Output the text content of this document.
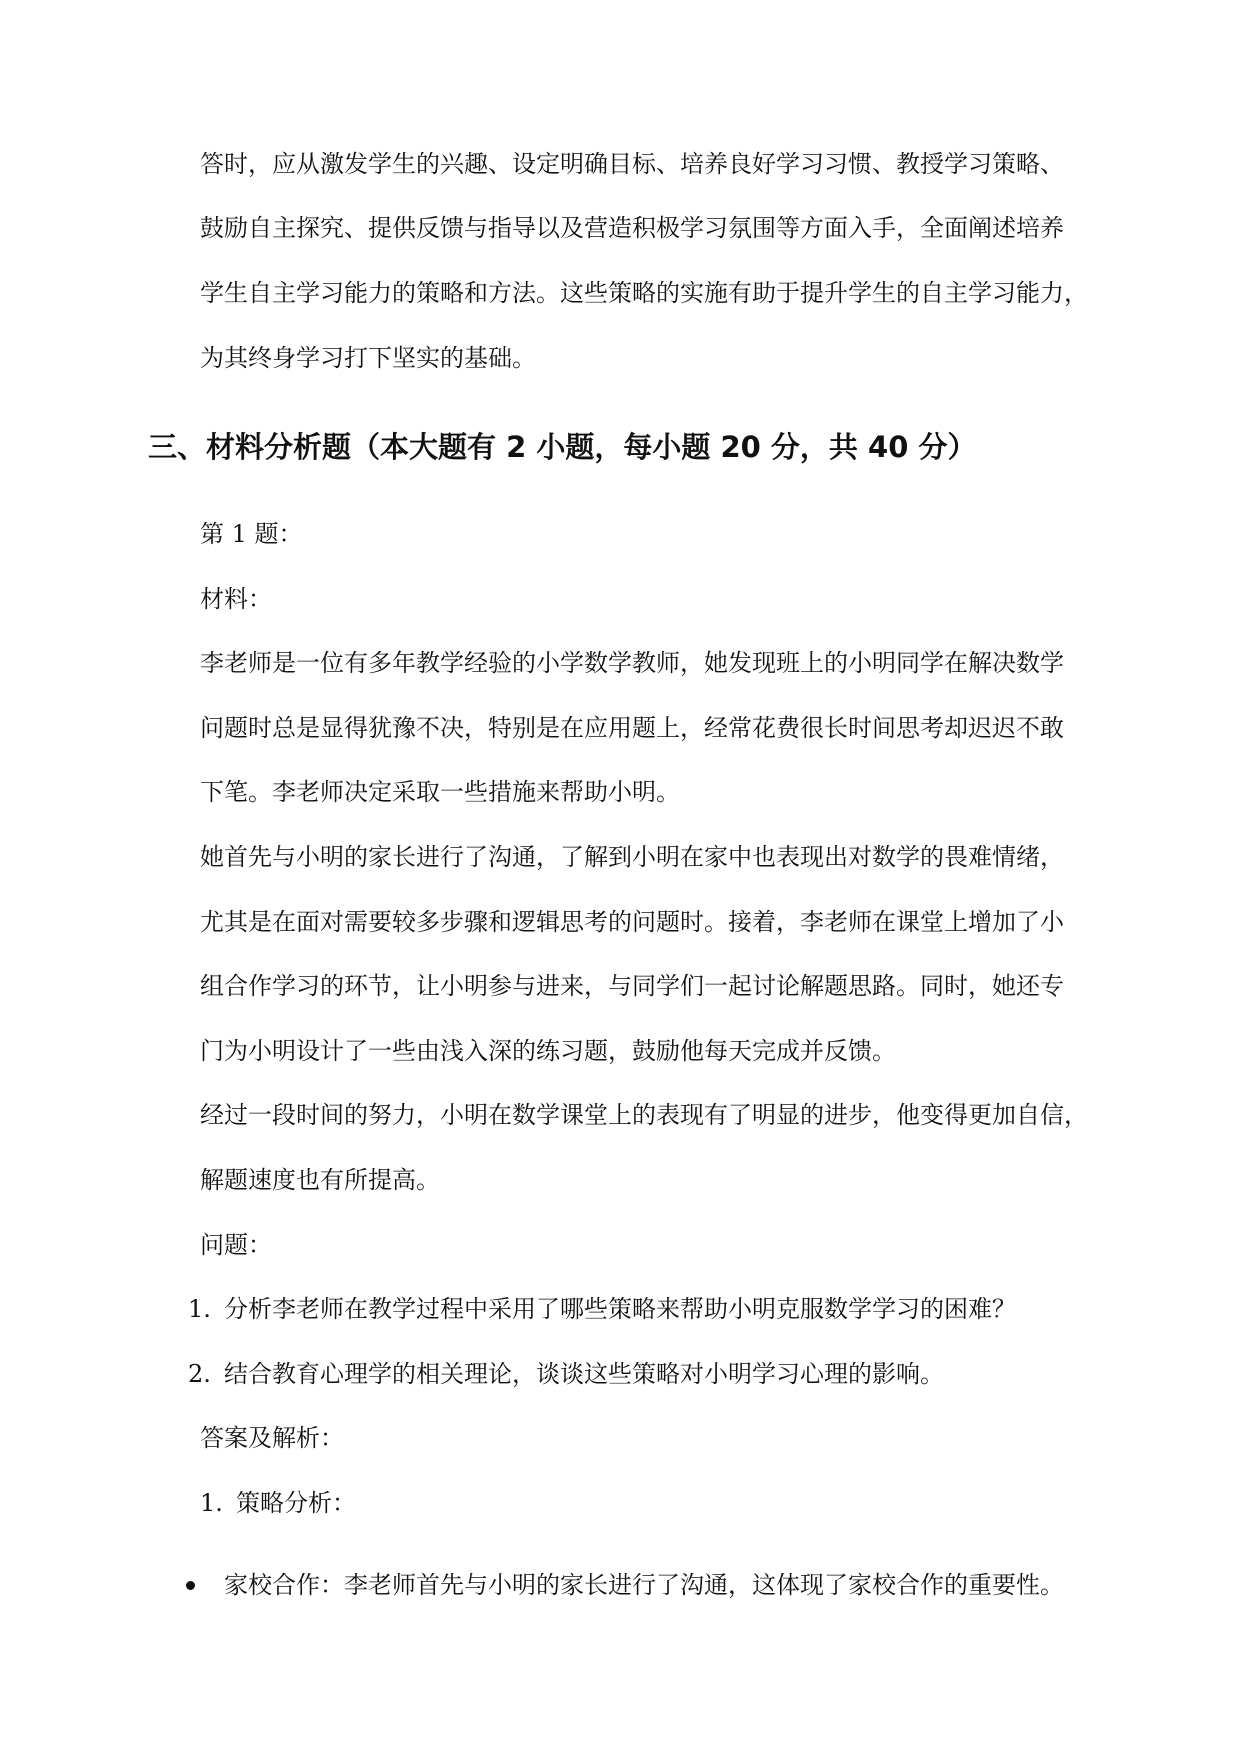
答时，应从激发学生的兴趣、设定明确目标、培养良好学习习惯、教授学习策略、
鼓励自主探究、提供反馈与指导以及营造积极学习氛围等方面入手，全面阐述培养
学生自主学习能力的策略和方法。这些策略的实施有助于提升学生的自主学习能力，
为其终身学习打下坚实的基础。
三、材料分析题（本大题有 2 小题，每小题 20 分，共 40 分）
第 1 题：
材料：
李老师是一位有多年教学经验的小学数学教师，她发现班上的小明同学在解决数学
问题时总是显得犹豫不决，特别是在应用题上，经常花费很长时间思考却迟迟不敢
下笔。李老师决定采取一些措施来帮助小明。
她首先与小明的家长进行了沟通，了解到小明在家中也表现出对数学的畏难情绪，
尤其是在面对需要较多步骤和逻辑思考的问题时。接着，李老师在课堂上增加了小
组合作学习的环节，让小明参与进来，与同学们一起讨论解题思路。同时，她还专
门为小明设计了一些由浅入深的练习题，鼓励他每天完成并反馈。
经过一段时间的努力，小明在数学课堂上的表现有了明显的进步，他变得更加自信，
解题速度也有所提高。
问题：
1. 分析李老师在教学过程中采用了哪些策略来帮助小明克服数学学习的困难？
2. 结合教育心理学的相关理论，谈谈这些策略对小明学习心理的影响。
答案及解析：
1. 策略分析：
家校合作：李老师首先与小明的家长进行了沟通，这体现了家校合作的重要性。
